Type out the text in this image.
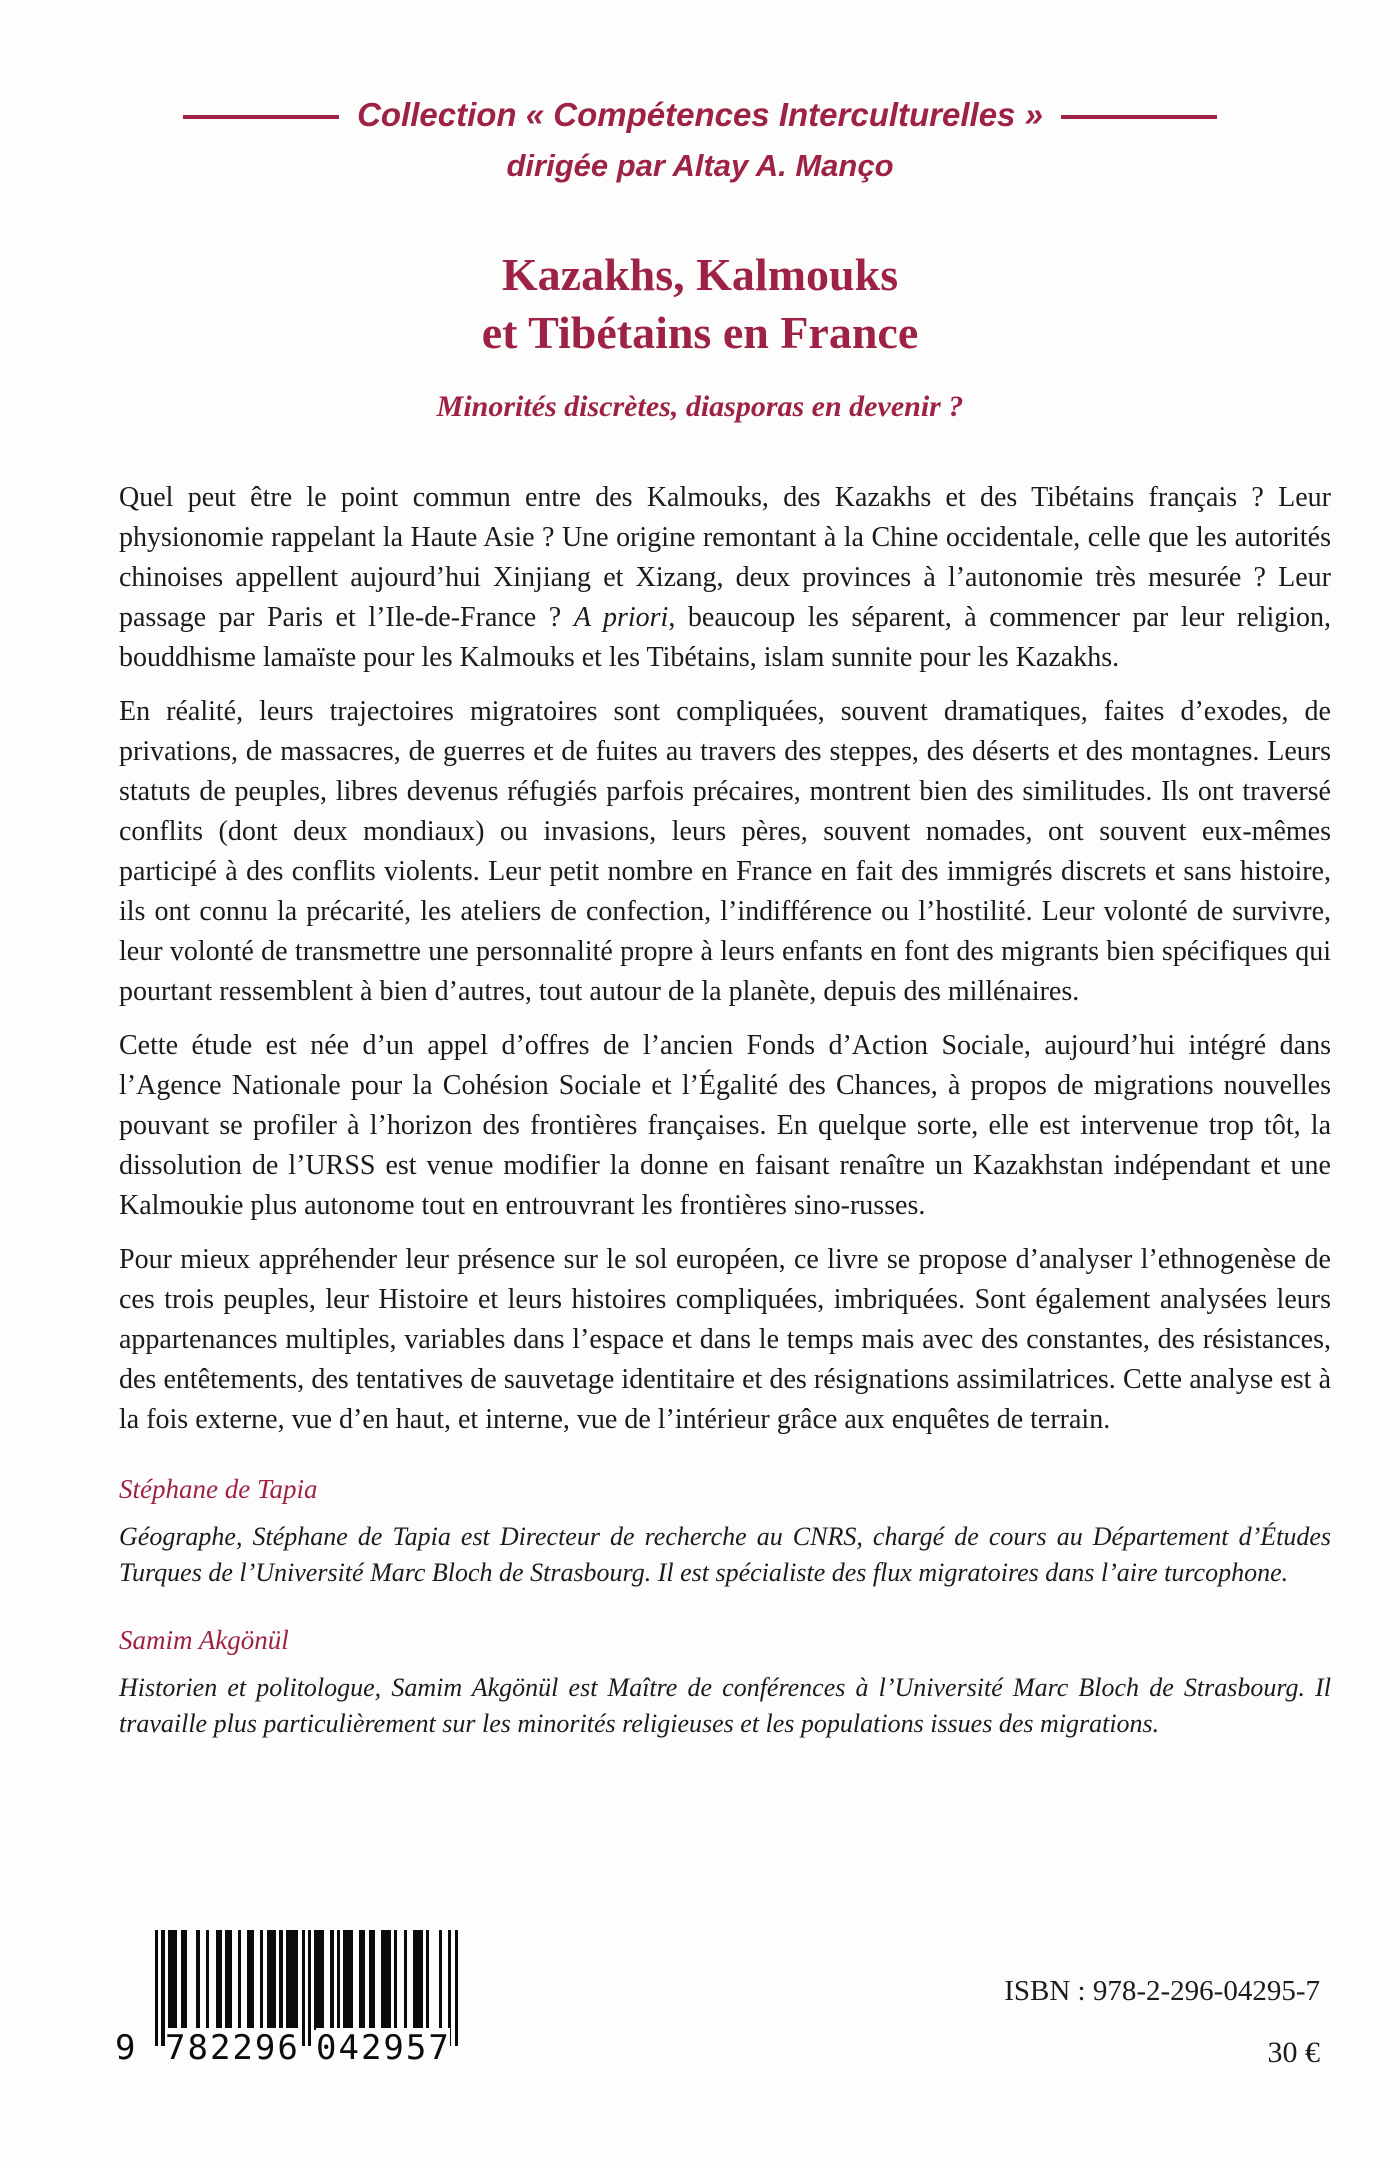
Collection « Compétences Interculturelles »
dirigée par Altay A. Manço
Kazakhs, Kalmouks
et Tibétains en France
Minorités discrètes, diasporas en devenir ?

Quel peut être le point commun entre des Kalmouks, des Kazakhs et des Tibétains français ? Leur physionomie rappelant la Haute Asie ? Une origine remontant à la Chine occidentale, celle que les autorités chinoises appellent aujourd’hui Xinjiang et Xizang, deux provinces à l’autonomie très mesurée ? Leur passage par Paris et l’Ile-de-France ? A priori, beaucoup les séparent, à commencer par leur religion, bouddhisme lamaïste pour les Kalmouks et les Tibétains, islam sunnite pour les Kazakhs.

En réalité, leurs trajectoires migratoires sont compliquées, souvent dramatiques, faites d’exodes, de privations, de massacres, de guerres et de fuites au travers des steppes, des déserts et des montagnes. Leurs statuts de peuples, libres devenus réfugiés parfois précaires, montrent bien des similitudes. Ils ont traversé conflits (dont deux mondiaux) ou invasions, leurs pères, souvent nomades, ont souvent eux-mêmes participé à des conflits violents. Leur petit nombre en France en fait des immigrés discrets et sans histoire, ils ont connu la précarité, les ateliers de confection, l’indifférence ou l’hostilité. Leur volonté de survivre, leur volonté de transmettre une personnalité propre à leurs enfants en font des migrants bien spécifiques qui pourtant ressemblent à bien d’autres, tout autour de la planète, depuis des millénaires.

Cette étude est née d’un appel d’offres de l’ancien Fonds d’Action Sociale, aujourd’hui intégré dans l’Agence Nationale pour la Cohésion Sociale et l’Égalité des Chances, à propos de migrations nouvelles pouvant se profiler à l’horizon des frontières françaises. En quelque sorte, elle est intervenue trop tôt, la dissolution de l’URSS est venue modifier la donne en faisant renaître un Kazakhstan indépendant et une Kalmoukie plus autonome tout en entrouvrant les frontières sino-russes.

Pour mieux appréhender leur présence sur le sol européen, ce livre se propose d’analyser l’ethnogenèse de ces trois peuples, leur Histoire et leurs histoires compliquées, imbriquées. Sont également analysées leurs appartenances multiples, variables dans l’espace et dans le temps mais avec des constantes, des résistances, des entêtements, des tentatives de sauvetage identitaire et des résignations assimilatrices. Cette analyse est à la fois externe, vue d’en haut, et interne, vue de l’intérieur grâce aux enquêtes de terrain.

Stéphane de Tapia
Géographe, Stéphane de Tapia est Directeur de recherche au CNRS, chargé de cours au Département d’Études Turques de l’Université Marc Bloch de Strasbourg. Il est spécialiste des flux migratoires dans l’aire turcophone.
Samim Akgönül
Historien et politologue, Samim Akgönül est Maître de conférences à l’Université Marc Bloch de Strasbourg. Il travaille plus particulièrement sur les minorités religieuses et les populations issues des migrations.
9 782296 042957
ISBN : 978-2-296-04295-7
30 €
